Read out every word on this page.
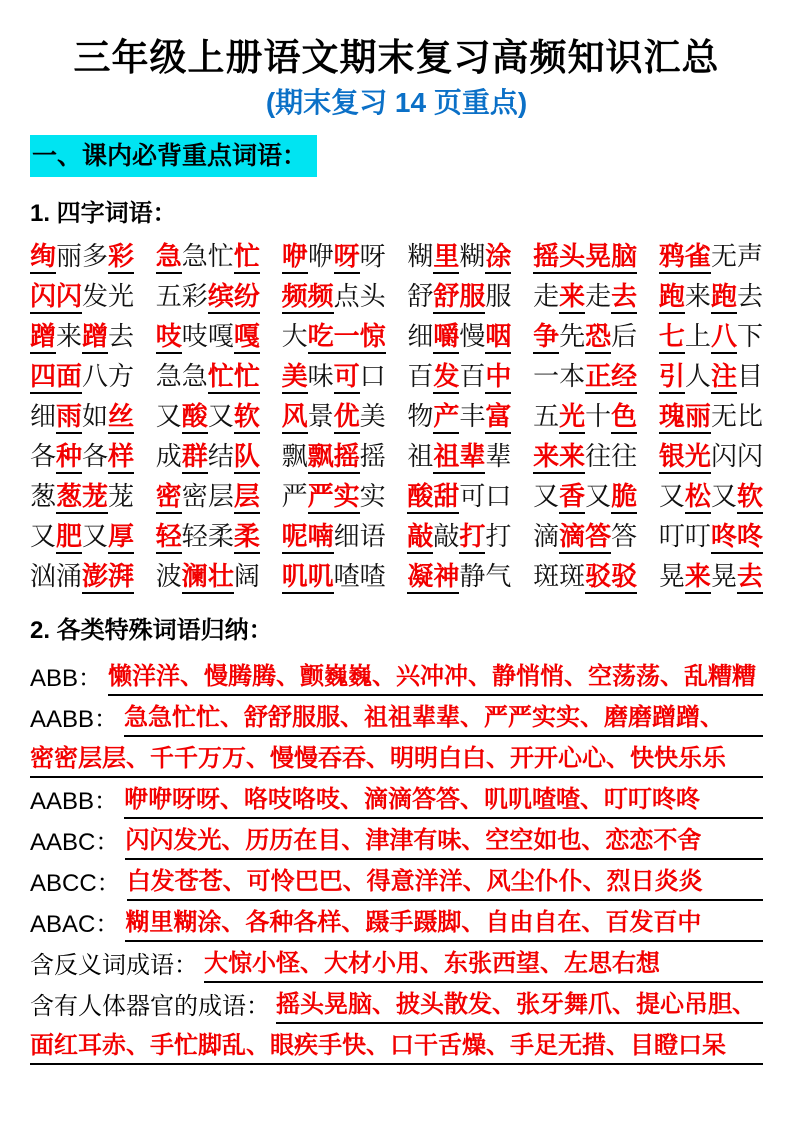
三年级上册语文期末复习高频知识汇总
(期末复习 14 页重点)
一、课内必背重点词语：
1. 四字词语：
绚丽多彩 急急忙忙 咿咿呀呀 糊里糊涂 摇头晃脑 鸦雀无声
闪闪发光 五彩缤纷 频频点头 舒舒服服 走来走去 跑来跑去
蹭来蹭去 吱吱嘎嘎 大吃一惊 细嚼慢咽 争先恐后 七上八下
四面八方 急急忙忙 美味可口 百发百中 一本正经 引人注目
细雨如丝 又酸又软 风景优美 物产丰富 五光十色 瑰丽无比
各种各样 成群结队 飘飘摇摇 祖祖辈辈 来来往往 银光闪闪
葱葱茏茏 密密层层 严严实实 酸甜可口 又香又脆 又松又软
又肥又厚 轻轻柔柔 呢喃细语 敲敲打打 滴滴答答 叮叮咚咚
汹涌澎湃 波澜壮阔 叽叽喳喳 凝神静气 斑斑驳驳 晃来晃去
2. 各类特殊词语归纳：
ABB： 懒洋洋、慢腾腾、颤巍巍、兴冲冲、静悄悄、空荡荡、乱糟糟
AABB： 急急忙忙、舒舒服服、祖祖辈辈、严严实实、磨磨蹭蹭、
密密层层、千千万万、慢慢吞吞、明明白白、开开心心、快快乐乐
AABB： 咿咿呀呀、咯吱咯吱、滴滴答答、叽叽喳喳、叮叮咚咚
AABC： 闪闪发光、历历在目、津津有味、空空如也、恋恋不舍
ABCC： 白发苍苍、可怜巴巴、得意洋洋、风尘仆仆、烈日炎炎
ABAC： 糊里糊涂、各种各样、蹑手蹑脚、自由自在、百发百中
含反义词成语： 大惊小怪、大材小用、东张西望、左思右想
含有人体器官的成语： 摇头晃脑、披头散发、张牙舞爪、提心吊胆、
面红耳赤、手忙脚乱、眼疾手快、口干舌燥、手足无措、目瞪口呆
